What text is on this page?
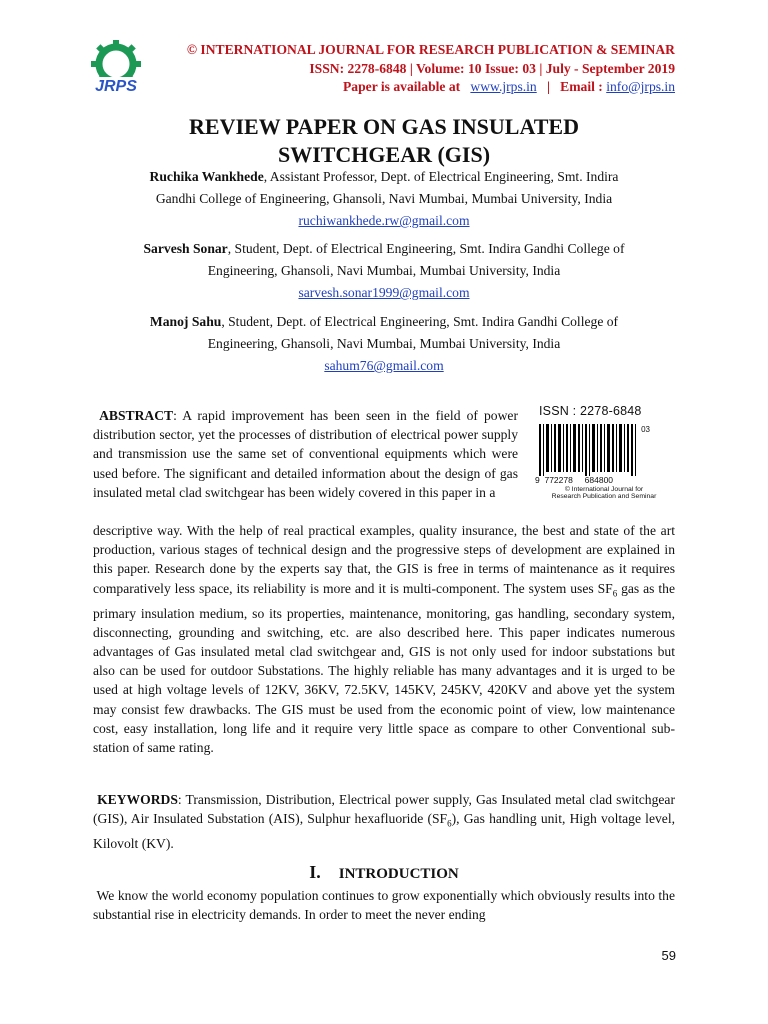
JRPS
© INTERNATIONAL JOURNAL FOR RESEARCH PUBLICATION & SEMINAR
ISSN: 2278-6848 | Volume: 10 Issue: 03 | July - September 2019
Paper is available at www.jrps.in | Email : info@jrps.in
REVIEW PAPER ON GAS INSULATED
SWITCHGEAR (GIS)
Ruchika Wankhede, Assistant Professor, Dept. of Electrical Engineering, Smt. Indira
Gandhi College of Engineering, Ghansoli, Navi Mumbai, Mumbai University, India
ruchiwankhede.rw@gmail.com
Sarvesh Sonar, Student, Dept. of Electrical Engineering, Smt. Indira Gandhi College of
Engineering, Ghansoli, Navi Mumbai, Mumbai University, India
sarvesh.sonar1999@gmail.com
Manoj Sahu, Student, Dept. of Electrical Engineering, Smt. Indira Gandhi College of
Engineering, Ghansoli, Navi Mumbai, Mumbai University, India
sahum76@gmail.com
ISSN : 2278-6848
03
9 772278 684800
© International Journal for
Research Publication and Seminar
ABSTRACT: A rapid improvement has been seen in the field of power distribution sector, yet the processes of distribution of electrical power supply and transmission use the same set of conventional equipments which were used before. The significant and detailed information about the design of gas insulated metal clad switchgear has been widely covered in this paper in a
descriptive way. With the help of real practical examples, quality insurance, the best and state of the art production, various stages of technical design and the progressive steps of development are explained in this paper. Research done by the experts say that, the GIS is free in terms of maintenance as it requires comparatively less space, its reliability is more and it is multi-component. The system uses $SF_6$ gas as the primary insulation medium, so its properties, maintenance, monitoring, gas handling, secondary system, disconnecting, grounding and switching, etc. are also described here. This paper indicates numerous advantages of Gas insulated metal clad switchgear and, GIS is not only used for indoor substations but also can be used for outdoor Substations. The highly reliable has many advantages and it is urged to be used at high voltage levels of 12KV, 36KV, 72.5KV, 145KV, 245KV, 420KV and above yet the system may consist few drawbacks. The GIS must be used from the economic point of view, low maintenance cost, easy installation, long life and it require very little space as compare to other Conventional sub- station of same rating.
KEYWORDS: Transmission, Distribution, Electrical power supply, Gas Insulated metal clad switchgear (GIS), Air Insulated Substation (AIS), Sulphur hexafluoride $(SF_6)$, Gas handling unit, High voltage level, Kilovolt (KV).
I. INTRODUCTION
We know the world economy population continues to grow exponentially which obviously results into the substantial rise in electricity demands. In order to meet the never ending
59
